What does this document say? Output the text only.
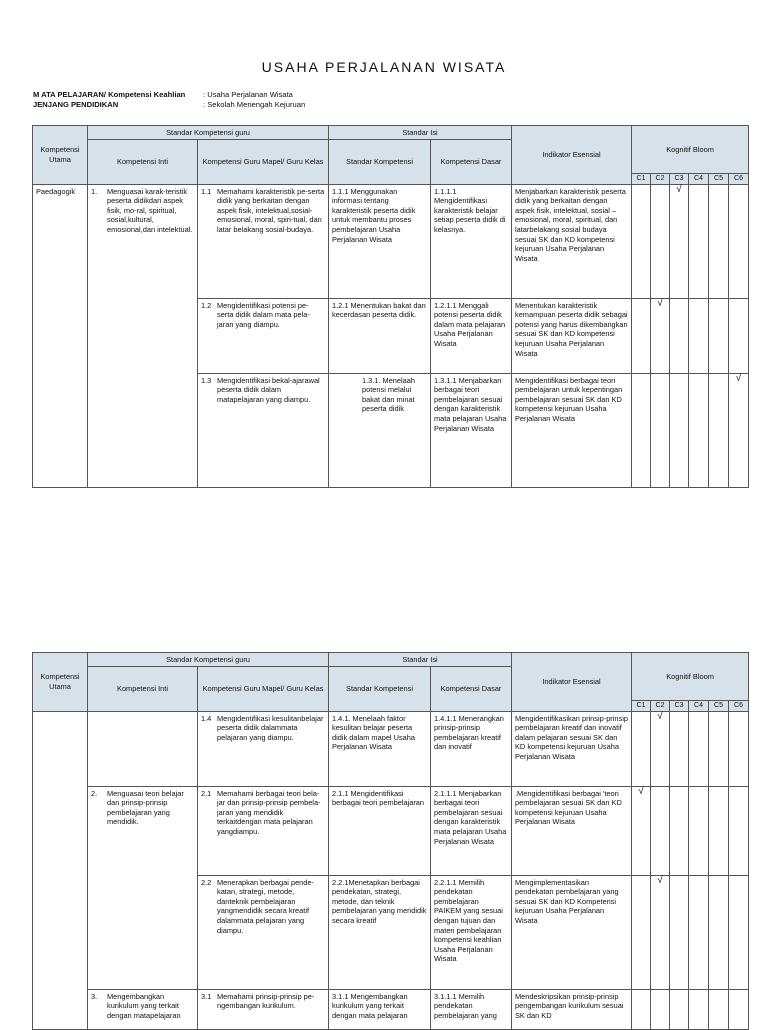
USAHA PERJALANAN WISATA
M ATA PELAJARAN/ Kompetensi Keahlian	: Usaha Perjalanan Wisata
JENJANG PENDIDIKAN	: Sekolah Menengah Kejuruan
Kompetensi Utama	Standar Kompetensi guru		Standar Isi		Indikator Esensial	Kognitif Bloom					
	Kompetensi Inti	Kompetensi Guru Mapel/ Guru Kelas	Standar Kompetensi	Kompetensi Dasar							
						C1	C2	C3	C4	C5	C6
Paedagogik	1. Menguasai karak-teristik peserta didikdari aspek fisik, mo-ral, spiritual, sosial,kultural, emosional,dan intelektual.	1.1 Memahami karakteristik pe-serta didik yang berkaitan dengan aspek fisik, intelektual,sosial-emosional, moral, spiri-tual, dan latar belakang sosial-budaya.	1.1.1 Menggunakan informasi tentang karakteristik peserta didik untuk membantu proses pembelajaran Usaha Perjalanan Wisata	1.1.1.1 Mengidentifikasi karakteristik belajar setiap peserta didik di kelasnya.	Menjabarkan karakteristik peserta didik yang berkaitan dengan aspek fisik, intelektual, sosial –emosional, moral, spiritual, dan latarbelakang sosial budaya sesuai SK dan KD kompetensi kejuruan Usaha Perjalanan Wisata			√			

		1.2 Mengidentifikasi potensi pe-serta didik dalam mata pela-jaran yang diampu.	1.2.1 Menentukan bakat dan kecerdasan peserta didik.	1.2.1.1 Menggali potensi peserta didik dalam mata pelajaran Usaha Perjalanan Wisata	Menentukan karakteristik kemampuan peserta didik sebagai potensi yang harus dikembangkan sesuai SK dan KD kompetensi kejuruan Usaha Perjalanan Wisata		√				

		1.3 Mengidentifikasi bekal-ajarawal peserta didik dalam matapelajaran yang diampu.	1.3.1. Menelaah potensi melalui bakat dan minat peserta didik	1.3.1.1 Menjabarkan berbagai teori pembelajaran sesuai dengan karakteristik mata pelajaran Usaha Perjalanan Wisata	Mengidentifikasi berbagai teori pembelajaran untuk kepentingan pembelajaran sesuai SK dan KD kompetensi kejuruan Usaha Perjalanan Wisata						√
Kompetensi Utama	Standar Kompetensi guru		Standar Isi		Indikator Esensial	Kognitif Bloom					
	Kompetensi Inti	Kompetensi Guru Mapel/ Guru Kelas	Standar Kompetensi	Kompetensi Dasar							
						C1	C2	C3	C4	C5	C6

		1.4 Mengidentifikasi kesulitanbelajar peserta didik dalammata pelajaran yang diampu.	1.4.1. Menelaah faktor kesulitan belajar peserta didik dalam mapel Usaha Perjalanan Wisata	1.4.1.1 Menerangkan prinsip-prinsip pembelajaran kreatif dan inovatif	Mengidentifikasikan prinsip-prinsip pembelajaran kreatif dan inovatif dalam pelajaran sesuai SK dan KD kompetensi kejuruan Usaha Perjalanan Wisata		√				

	2. Menguasai teori belajar dan prinsip-prinsip pembelajaran yang mendidik.	2.1 Memahami berbagai teori bela-jar dan prinsip-prinsip pembela-jaran yang mendidik terkaitdengan mata pelajaran yangdiampu.	2.1.1 Mengidentifikasi berbagai teori pembelajaran	2.1.1.1 Menjabarkan berbagai teori pembelajaran sesuai dengan karakteristik mata pelajaran Usaha Perjalanan Wisata	.Mengidentifikasi berbagai 'teori pembelajaran sesuai SK dan KD kompetensi kejuruan Usaha Perjalanan Wisata	√					

		2.2 Menerapkan berbagai pende-katan, strategi, metode, danteknik pembelajaran yangmendidik secara kreatif dalammata pelajaran yang diampu.	2.2.1Menetapkan berbagai pendekatan, strategi, metode, dan teknik pembelajaran yang mendidik secara kreatif	2.2.1.1 Memilih pendekatan pembelajaran PAIKEM yang sesuai dengan tujuan dan materi pembelajaran kompetensi keahlian Usaha Perjalanan Wisata	Mengimplementasikan pendekatan pembelajaran yang sesuai SK dan KD Kompetensi kejuruan Usaha Perjalanan Wisata		√				

	3. Mengembangkan kurikulum yang terkait dengan matapelajaran	3.1 Memahami prinsip-prinsip pe-ngembangan kurikulum.	3.1.1 Mengembangkan kurikulum yang terkait dengan mata pelajaran	3.1.1.1 Memilih pendekatan pembelajaran yang	Mendeskripsikan prinsip-prinsip pengembangan kurikulum sesuai SK dan KD						
